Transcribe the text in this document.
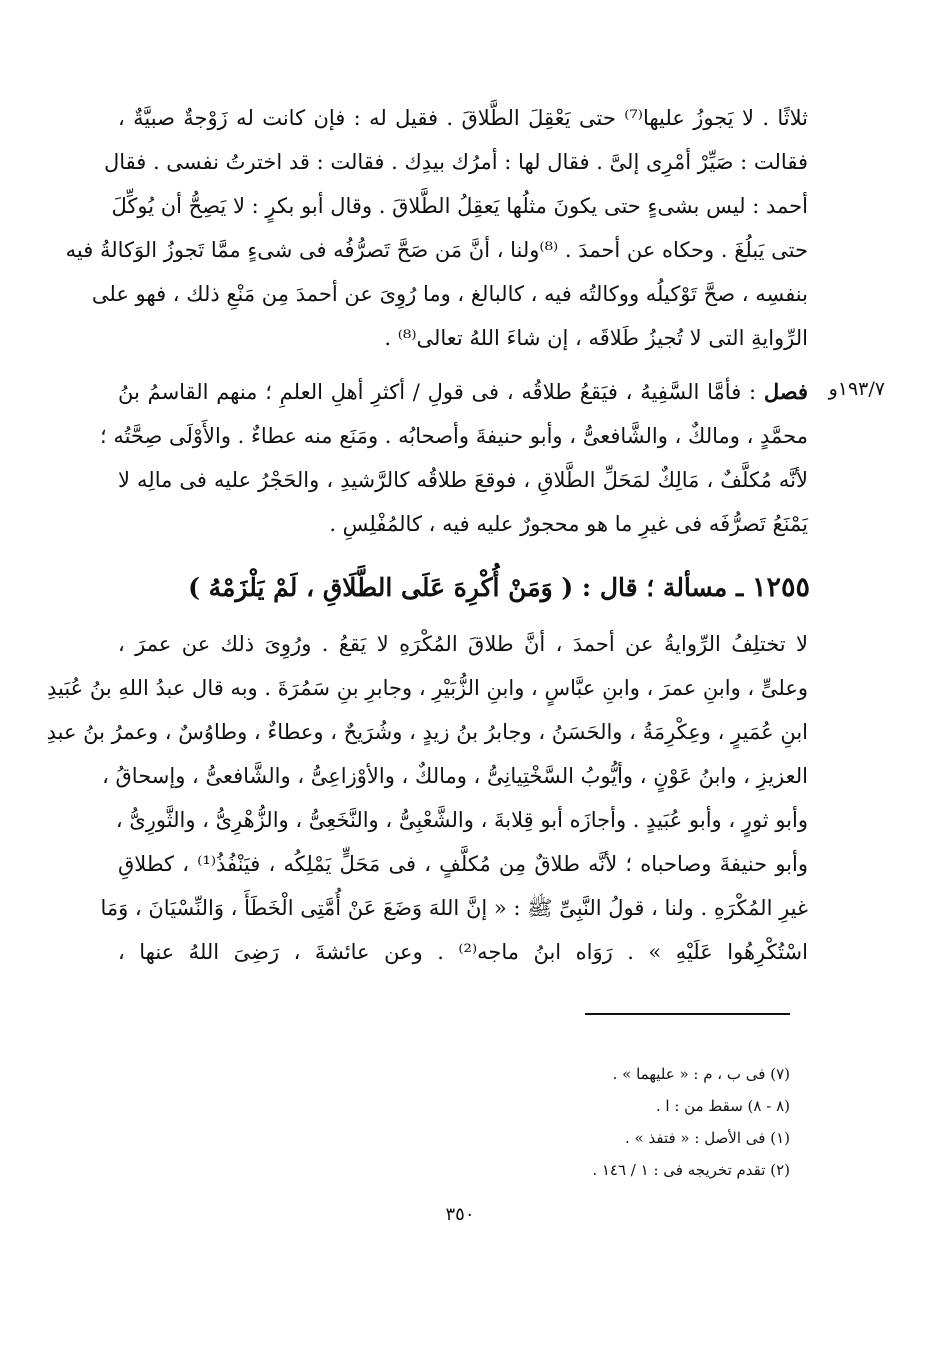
ثلاثًا . لا يَجوزُ عليها⁽⁷⁾ حتى يَعْقِلَ الطَّلاقَ . فقيل له : فإن كانت له زَوْجةٌ صبيَّةٌ ،
فقالت : صَيِّرْ أمْرِى إلىَّ . فقال لها : أمرُك بيدِك . فقالت : قد اخترتُ نفسى . فقال
أحمد : ليس بشىءٍ حتى يكونَ مثلُها يَعقِلُ الطَّلاقَ . وقال أبو بكرٍ : لا يَصِحُّ أن يُوكِّلَ
حتى يَبلُغَ . وحكاه عن أحمدَ . ⁽⁸⁾ولنا ، أنَّ مَن صَحَّ تَصرُّفُه فى شىءٍ ممَّا تَجوزُ الوَكالةُ فيه
بنفسِه ، صحَّ تَوْكيلُه ووكالتُه فيه ، كالبالغ ، وما رُوِىَ عن أحمدَ مِن مَنْعِ ذلك ، فهو على
الرِّوايةِ التى لا تُجيزُ طَلاقَه ، إن شاءَ اللهُ تعالى⁽⁸⁾ .
١٩٣/٧و
فصل : فأمَّا السَّفِيهُ ، فيَقعُ طلاقُه ، فى قولِ / أكثرِ أهلِ العلمِ ؛ منهم القاسمُ بنُ
محمَّدٍ ، ومالكٌ ، والشَّافعىُّ ، وأبو حنيفةَ وأصحابُه . ومَنَع منه عطاءٌ . والأَوْلَى صِحَّتُه ؛
لأنَّه مُكلَّفٌ ، مَالِكٌ لمَحَلِّ الطَّلاقِ ، فوقعَ طلاقُه كالرَّشيدِ ، والحَجْرُ عليه فى مالِه لا
يَمْنَعُ تَصرُّفَه فى غيرِ ما هو محجورٌ عليه فيه ، كالمُفْلِسِ .
١٢٥٥ ـ مسألة ؛ قال : ( وَمَنْ أُكْرِهَ عَلَى الطَّلَاقِ ، لَمْ يَلْزَمْهُ )
لا تختلِفُ الرِّوايةُ عن أحمدَ ، أنَّ طلاقَ المُكْرَهِ لا يَقعُ . ورُوِىَ ذلك عن عمرَ ،
وعلىٍّ ، وابنِ عمرَ ، وابنِ عبَّاسٍ ، وابنِ الزُّبَيْرِ ، وجابرِ بنِ سَمُرَةَ . وبه قال عبدُ اللهِ بنُ عُبَيدِ
ابنِ عُمَيرٍ ، وعِكْرِمَةُ ، والحَسَنُ ، وجابرُ بنُ زيدٍ ، وشُرَيحٌ ، وعطاءٌ ، وطاوُسٌ ، وعمرُ بنُ عبدِ
العزيزِ ، وابنُ عَوْنٍ ، وأيُّوبُ السَّخْتِيانِىُّ ، ومالكٌ ، والأوْزاعِىُّ ، والشَّافعىُّ ، وإسحاقُ ،
وأبو ثورٍ ، وأبو عُبَيدٍ . وأجازَه أبو قِلابةَ ، والشَّعْبِىُّ ، والنَّخَعِىُّ ، والزُّهْرِىُّ ، والثَّورِىُّ ،
وأبو حنيفةَ وصاحباه ؛ لأنَّه طلاقٌ مِن مُكلَّفٍ ، فى مَحَلٍّ يَمْلِكُه ، فيَنْفُذُ⁽¹⁾ ، كطلاقِ
غيرِ المُكْرَهِ . ولنا ، قولُ النَّبِىِّ ﷺ : « إنَّ اللهَ وَضَعَ عَنْ أُمَّتِى الْخَطَأَ ، وَالنِّسْيَانَ ، وَمَا
اسْتُكْرِهُوا عَلَيْهِ » . رَوَاه ابنُ ماجه⁽²⁾ . وعن عائشةَ ، رَضِىَ اللهُ عنها ،
(٧) فى ب ، م : « عليهما » .
(٨ - ٨) سقط من : ا .
(١) فى الأصل : « فتفذ » .
(٢) تقدم تخريجه فى : ١ / ١٤٦ .
٣٥٠
